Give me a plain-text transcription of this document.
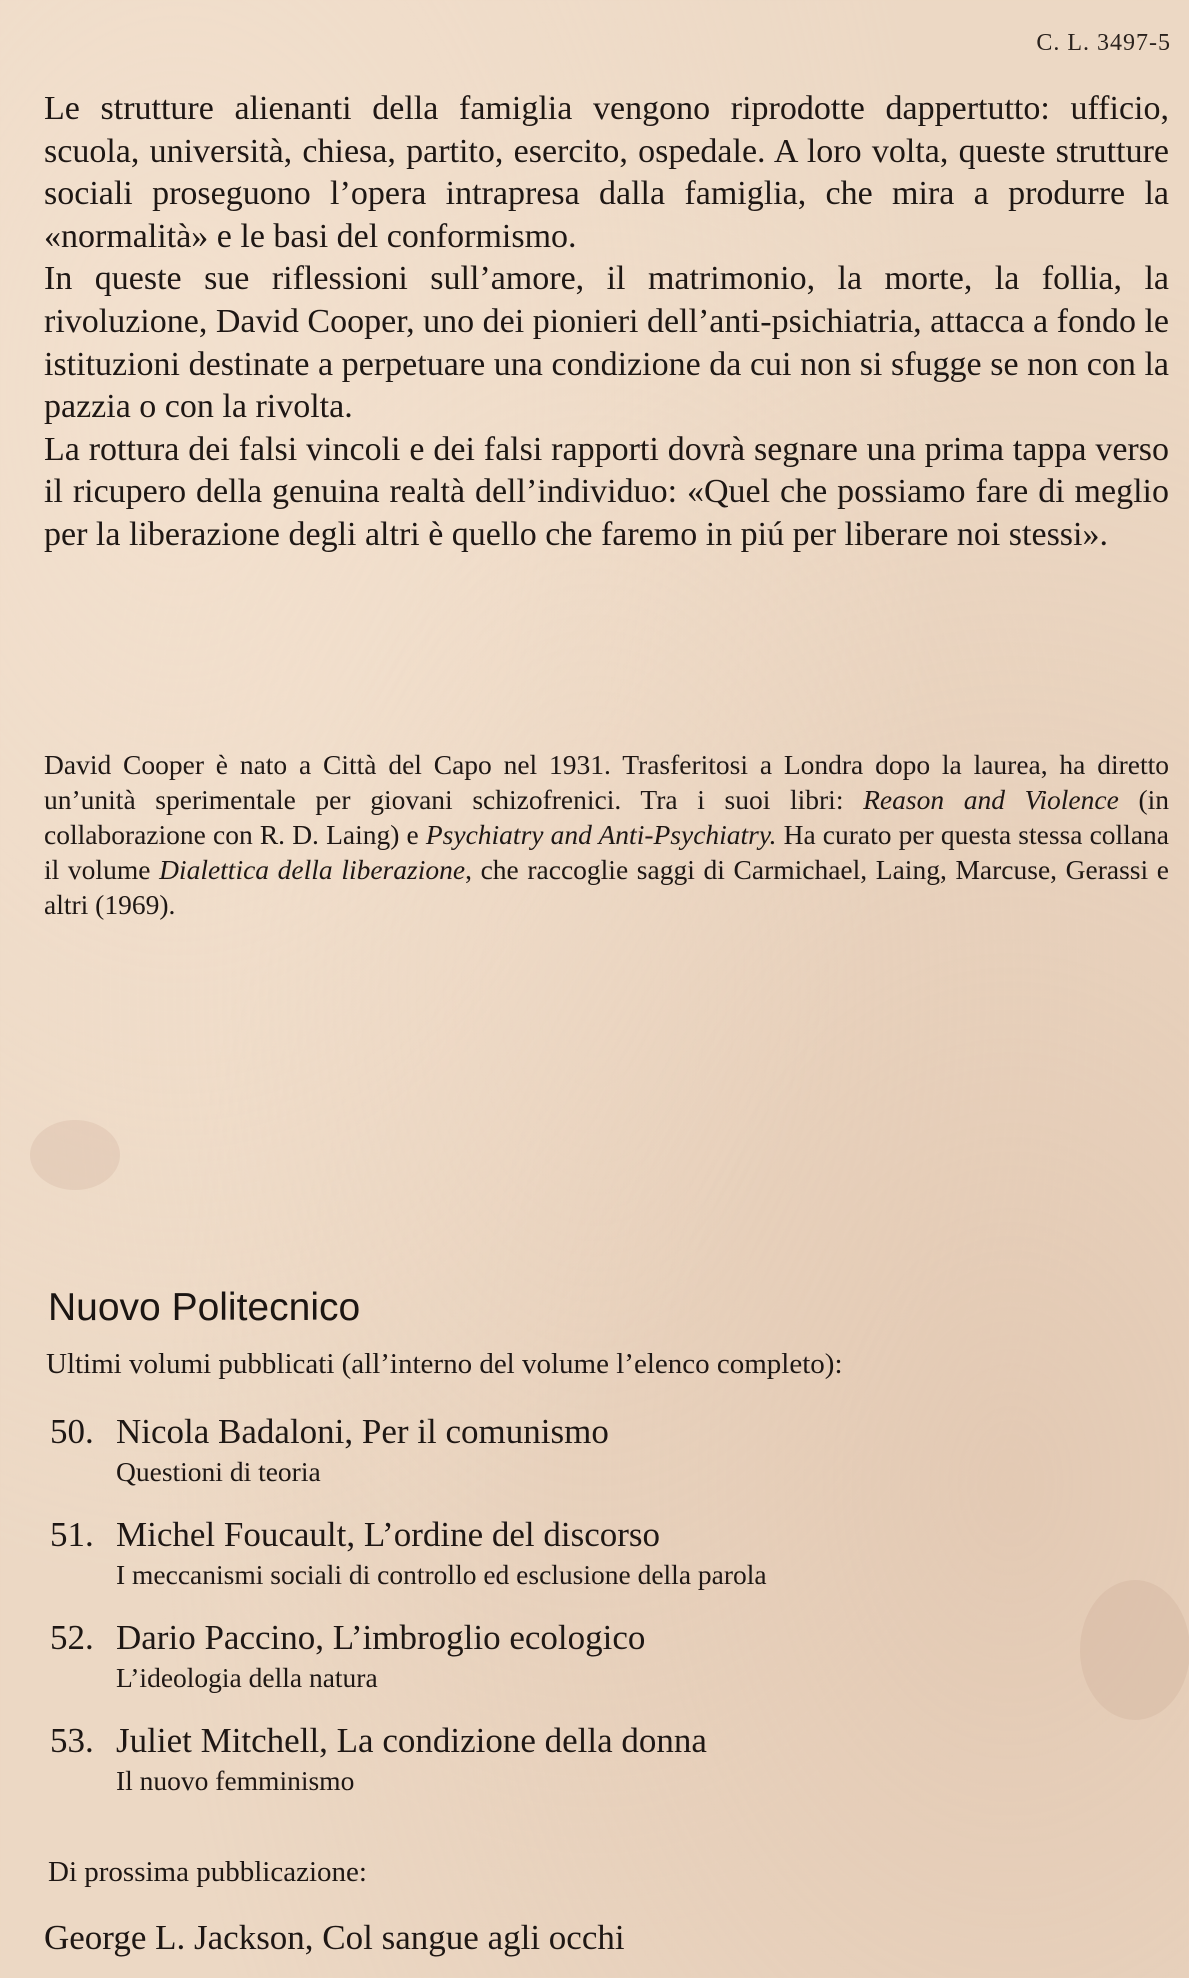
C. L. 3497-5

Le strutture alienanti della famiglia vengono riprodotte dappertutto: ufficio, scuola, università, chiesa, partito, esercito, ospedale. A loro volta, queste strutture sociali proseguono l’opera intrapresa dalla famiglia, che mira a produrre la «normalità» e le basi del conformismo.

In queste sue riflessioni sull’amore, il matrimonio, la morte, la follia, la rivoluzione, David Cooper, uno dei pionieri dell’anti-psichiatria, attacca a fondo le istituzioni destinate a perpetuare una condizione da cui non si sfugge se non con la pazzia o con la rivolta.

La rottura dei falsi vincoli e dei falsi rapporti dovrà segnare una prima tappa verso il ricupero della genuina realtà dell’individuo: «Quel che possiamo fare di meglio per la liberazione degli altri è quello che faremo in piú per liberare noi stessi».

David Cooper è nato a Città del Capo nel 1931. Trasferitosi a Londra dopo la laurea, ha diretto un’unità sperimentale per giovani schizofrenici. Tra i suoi libri: Reason and Violence (in collaborazione con R. D. Laing) e Psychiatry and Anti-Psychiatry. Ha curato per questa stessa collana il volume Dialettica della liberazione, che raccoglie saggi di Carmichael, Laing, Marcuse, Gerassi e altri (1969).

Nuovo Politecnico
Ultimi volumi pubblicati (all’interno del volume l’elenco completo):
50. Nicola Badaloni, Per il comunismo
Questioni di teoria
51. Michel Foucault, L’ordine del discorso
I meccanismi sociali di controllo ed esclusione della parola
52. Dario Paccino, L’imbroglio ecologico
L’ideologia della natura
53. Juliet Mitchell, La condizione della donna
Il nuovo femminismo
Di prossima pubblicazione:
George L. Jackson, Col sangue agli occhi
